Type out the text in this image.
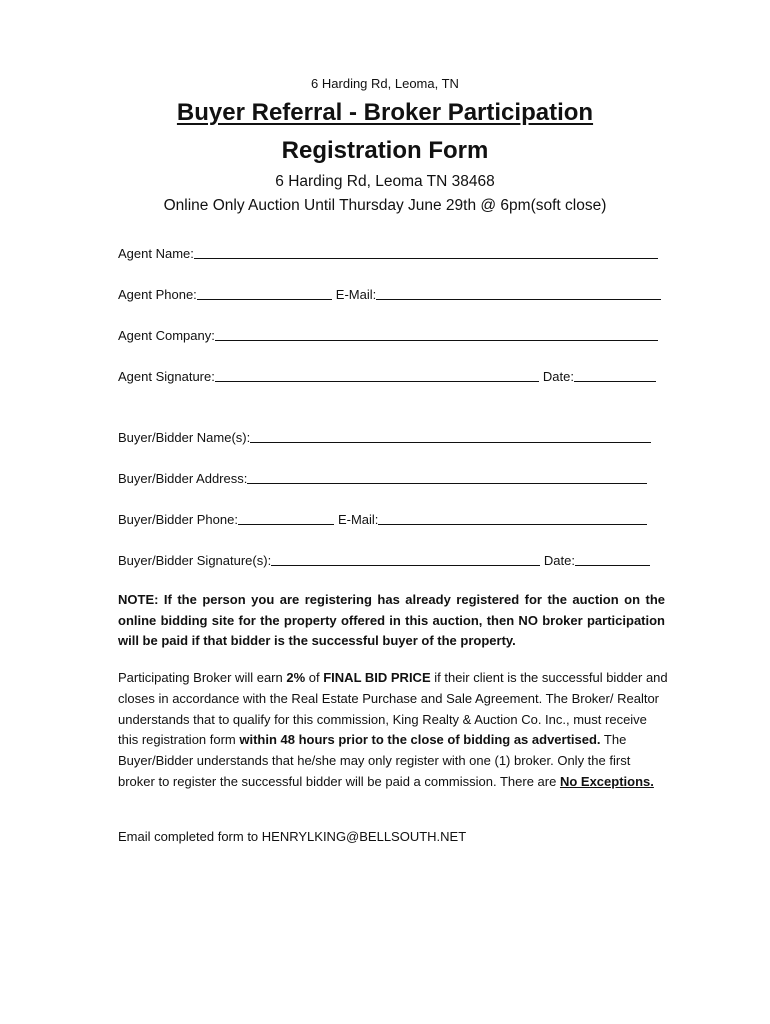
6 Harding Rd, Leoma, TN
Buyer Referral - Broker Participation
Registration Form
6 Harding Rd, Leoma TN 38468
Online Only Auction Until Thursday June 29th @ 6pm(soft close)
Agent Name:
Agent Phone:	E-Mail:
Agent Company:
Agent Signature:	Date:
Buyer/Bidder Name(s):
Buyer/Bidder Address:
Buyer/Bidder Phone:	E-Mail:
Buyer/Bidder Signature(s):	Date:
NOTE: If the person you are registering has already registered for the auction on the online bidding site for the property offered in this auction, then NO broker participation will be paid if that bidder is the successful buyer of the property.
Participating Broker will earn 2% of FINAL BID PRICE if their client is the successful bidder and closes in accordance with the Real Estate Purchase and Sale Agreement. The Broker/ Realtor understands that to qualify for this commission, King Realty & Auction Co. Inc., must receive this registration form within 48 hours prior to the close of bidding as advertised. The Buyer/Bidder understands that he/she may only register with one (1) broker. Only the first broker to register the successful bidder will be paid a commission. There are No Exceptions.
Email completed form to HENRYLKING@BELLSOUTH.NET
